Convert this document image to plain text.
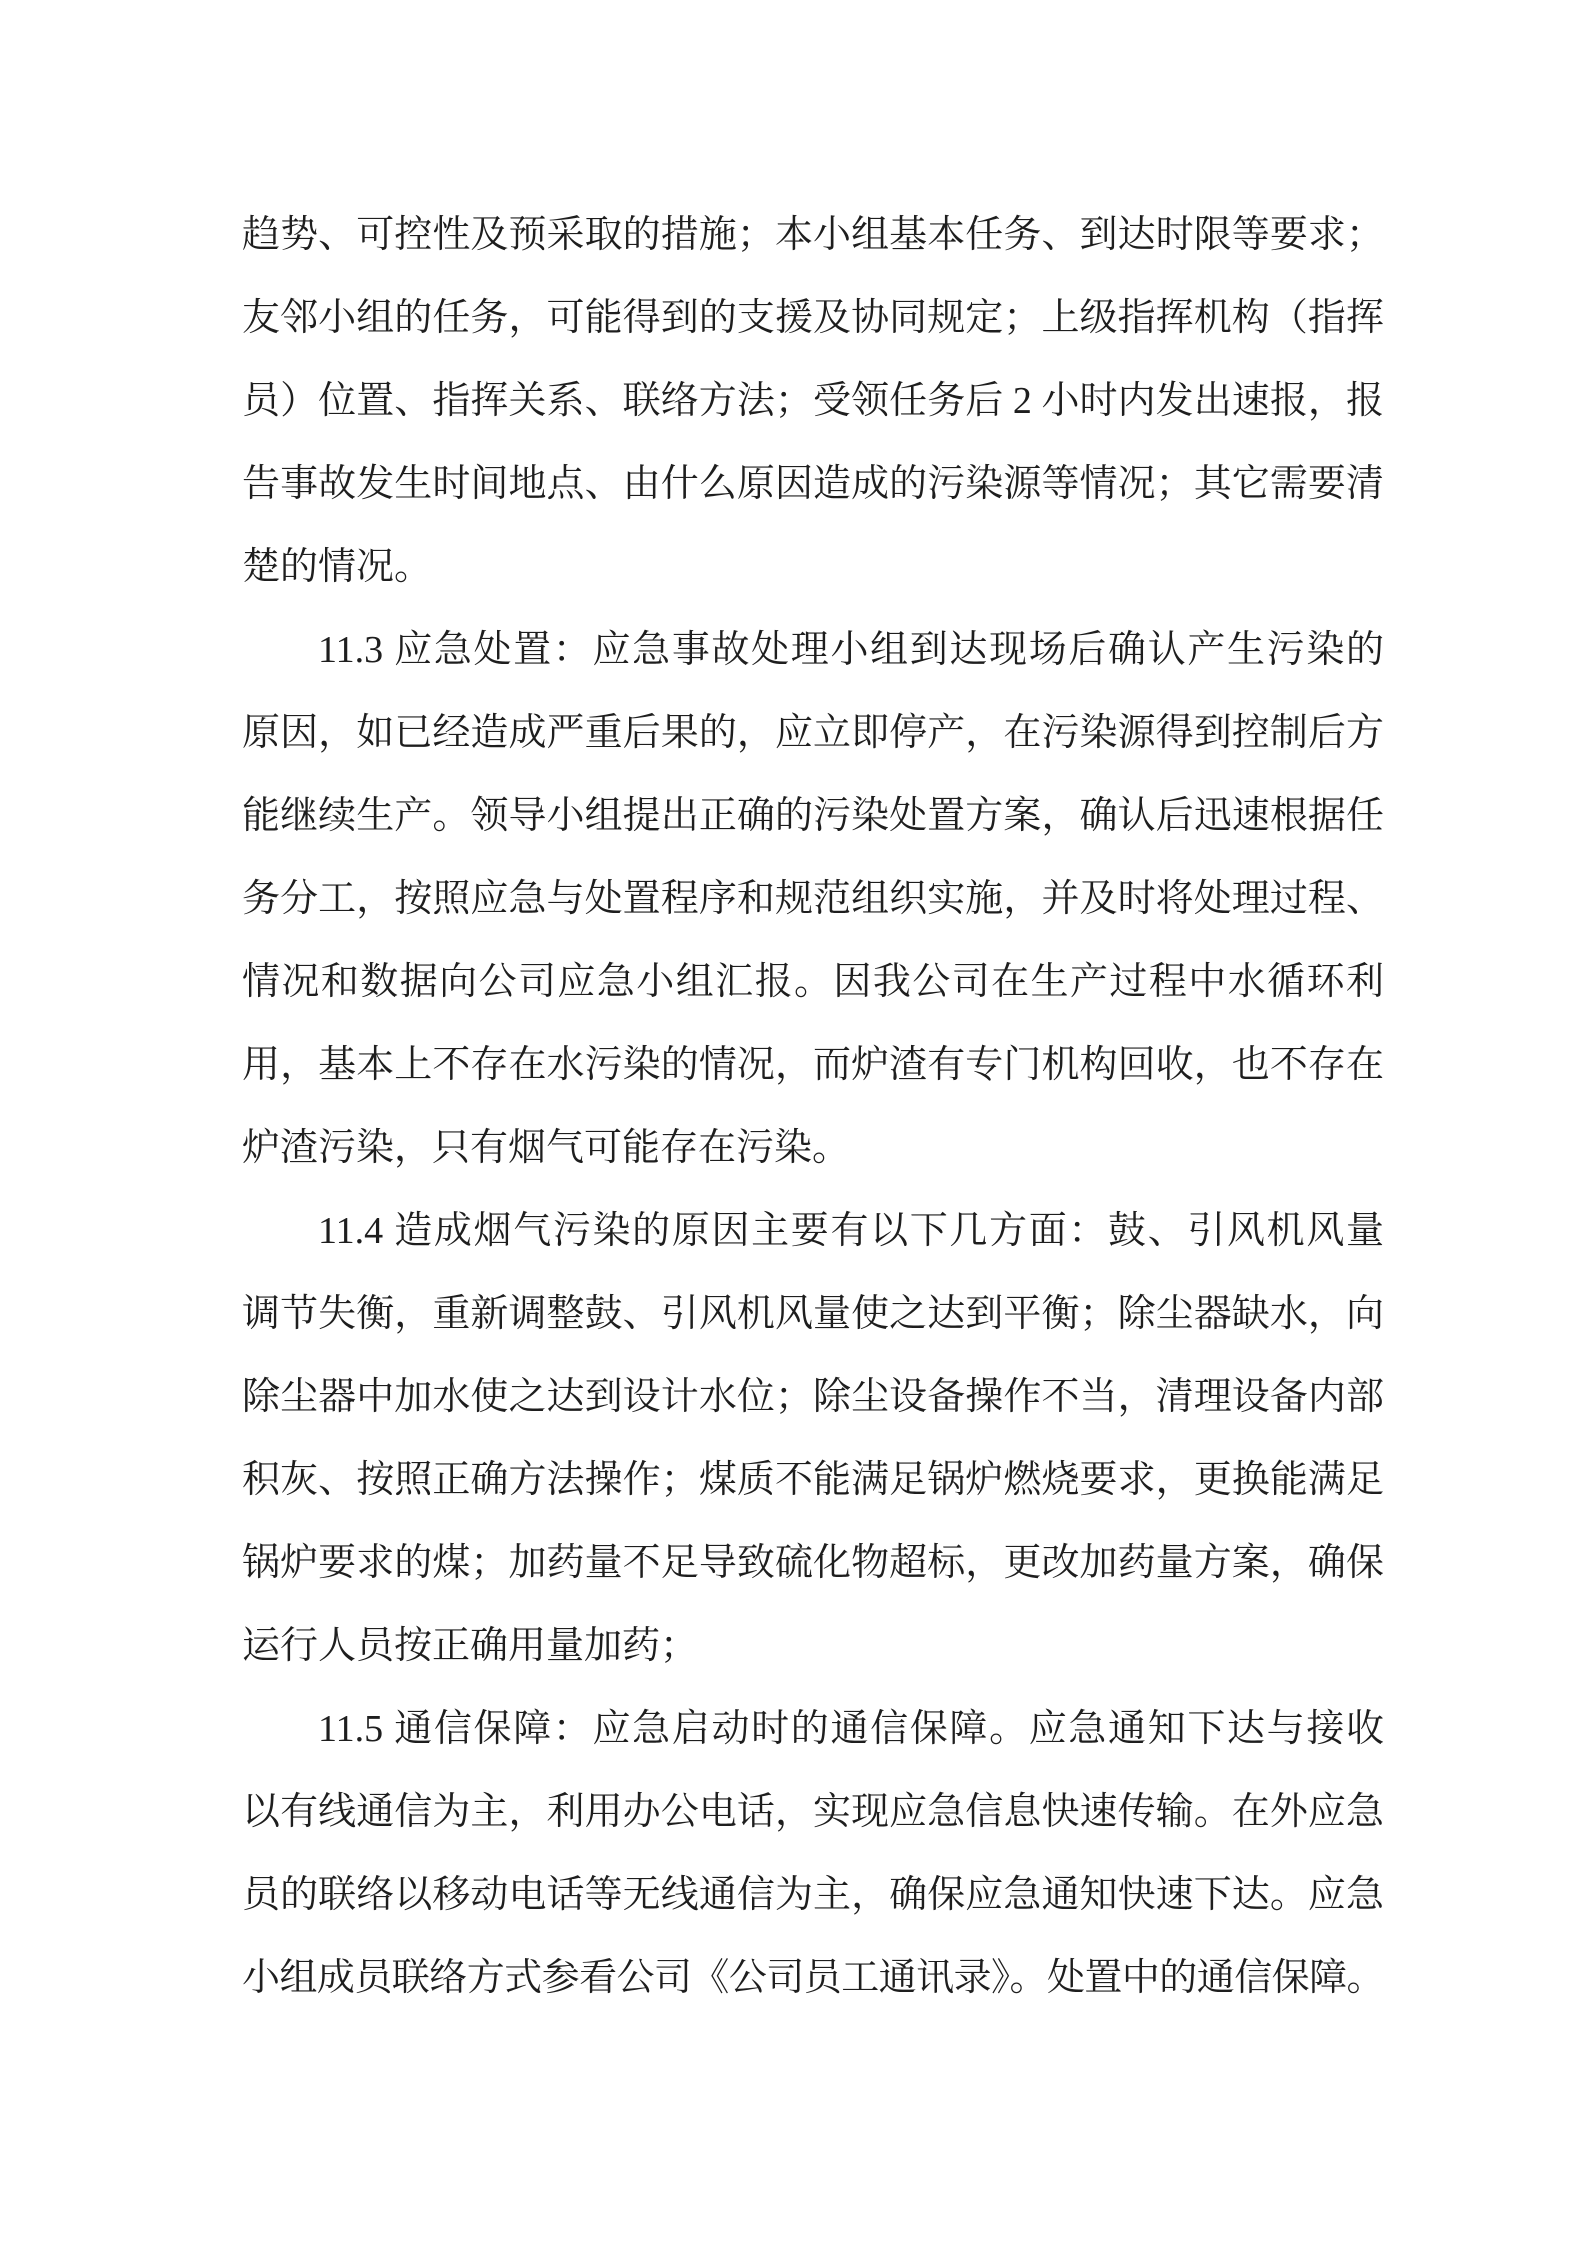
趋势、可控性及预采取的措施；本小组基本任务、到达时限等要求；
友邻小组的任务，可能得到的支援及协同规定；上级指挥机构（指挥
员）位置、指挥关系、联络方法；受领任务后 2 小时内发出速报，报
告事故发生时间地点、由什么原因造成的污染源等情况；其它需要清
楚的情况。
11.3 应急处置：应急事故处理小组到达现场后确认产生污染的
原因，如已经造成严重后果的，应立即停产，在污染源得到控制后方
能继续生产。领导小组提出正确的污染处置方案，确认后迅速根据任
务分工，按照应急与处置程序和规范组织实施，并及时将处理过程、
情况和数据向公司应急小组汇报。因我公司在生产过程中水循环利
用，基本上不存在水污染的情况，而炉渣有专门机构回收，也不存在
炉渣污染，只有烟气可能存在污染。
11.4 造成烟气污染的原因主要有以下几方面：鼓、引风机风量
调节失衡，重新调整鼓、引风机风量使之达到平衡；除尘器缺水，向
除尘器中加水使之达到设计水位；除尘设备操作不当，清理设备内部
积灰、按照正确方法操作；煤质不能满足锅炉燃烧要求，更换能满足
锅炉要求的煤；加药量不足导致硫化物超标，更改加药量方案，确保
运行人员按正确用量加药；
11.5 通信保障：应急启动时的通信保障。应急通知下达与接收
以有线通信为主，利用办公电话，实现应急信息快速传输。在外应急
员的联络以移动电话等无线通信为主，确保应急通知快速下达。应急
小组成员联络方式参看公司《公司员工通讯录》。处置中的通信保障。
